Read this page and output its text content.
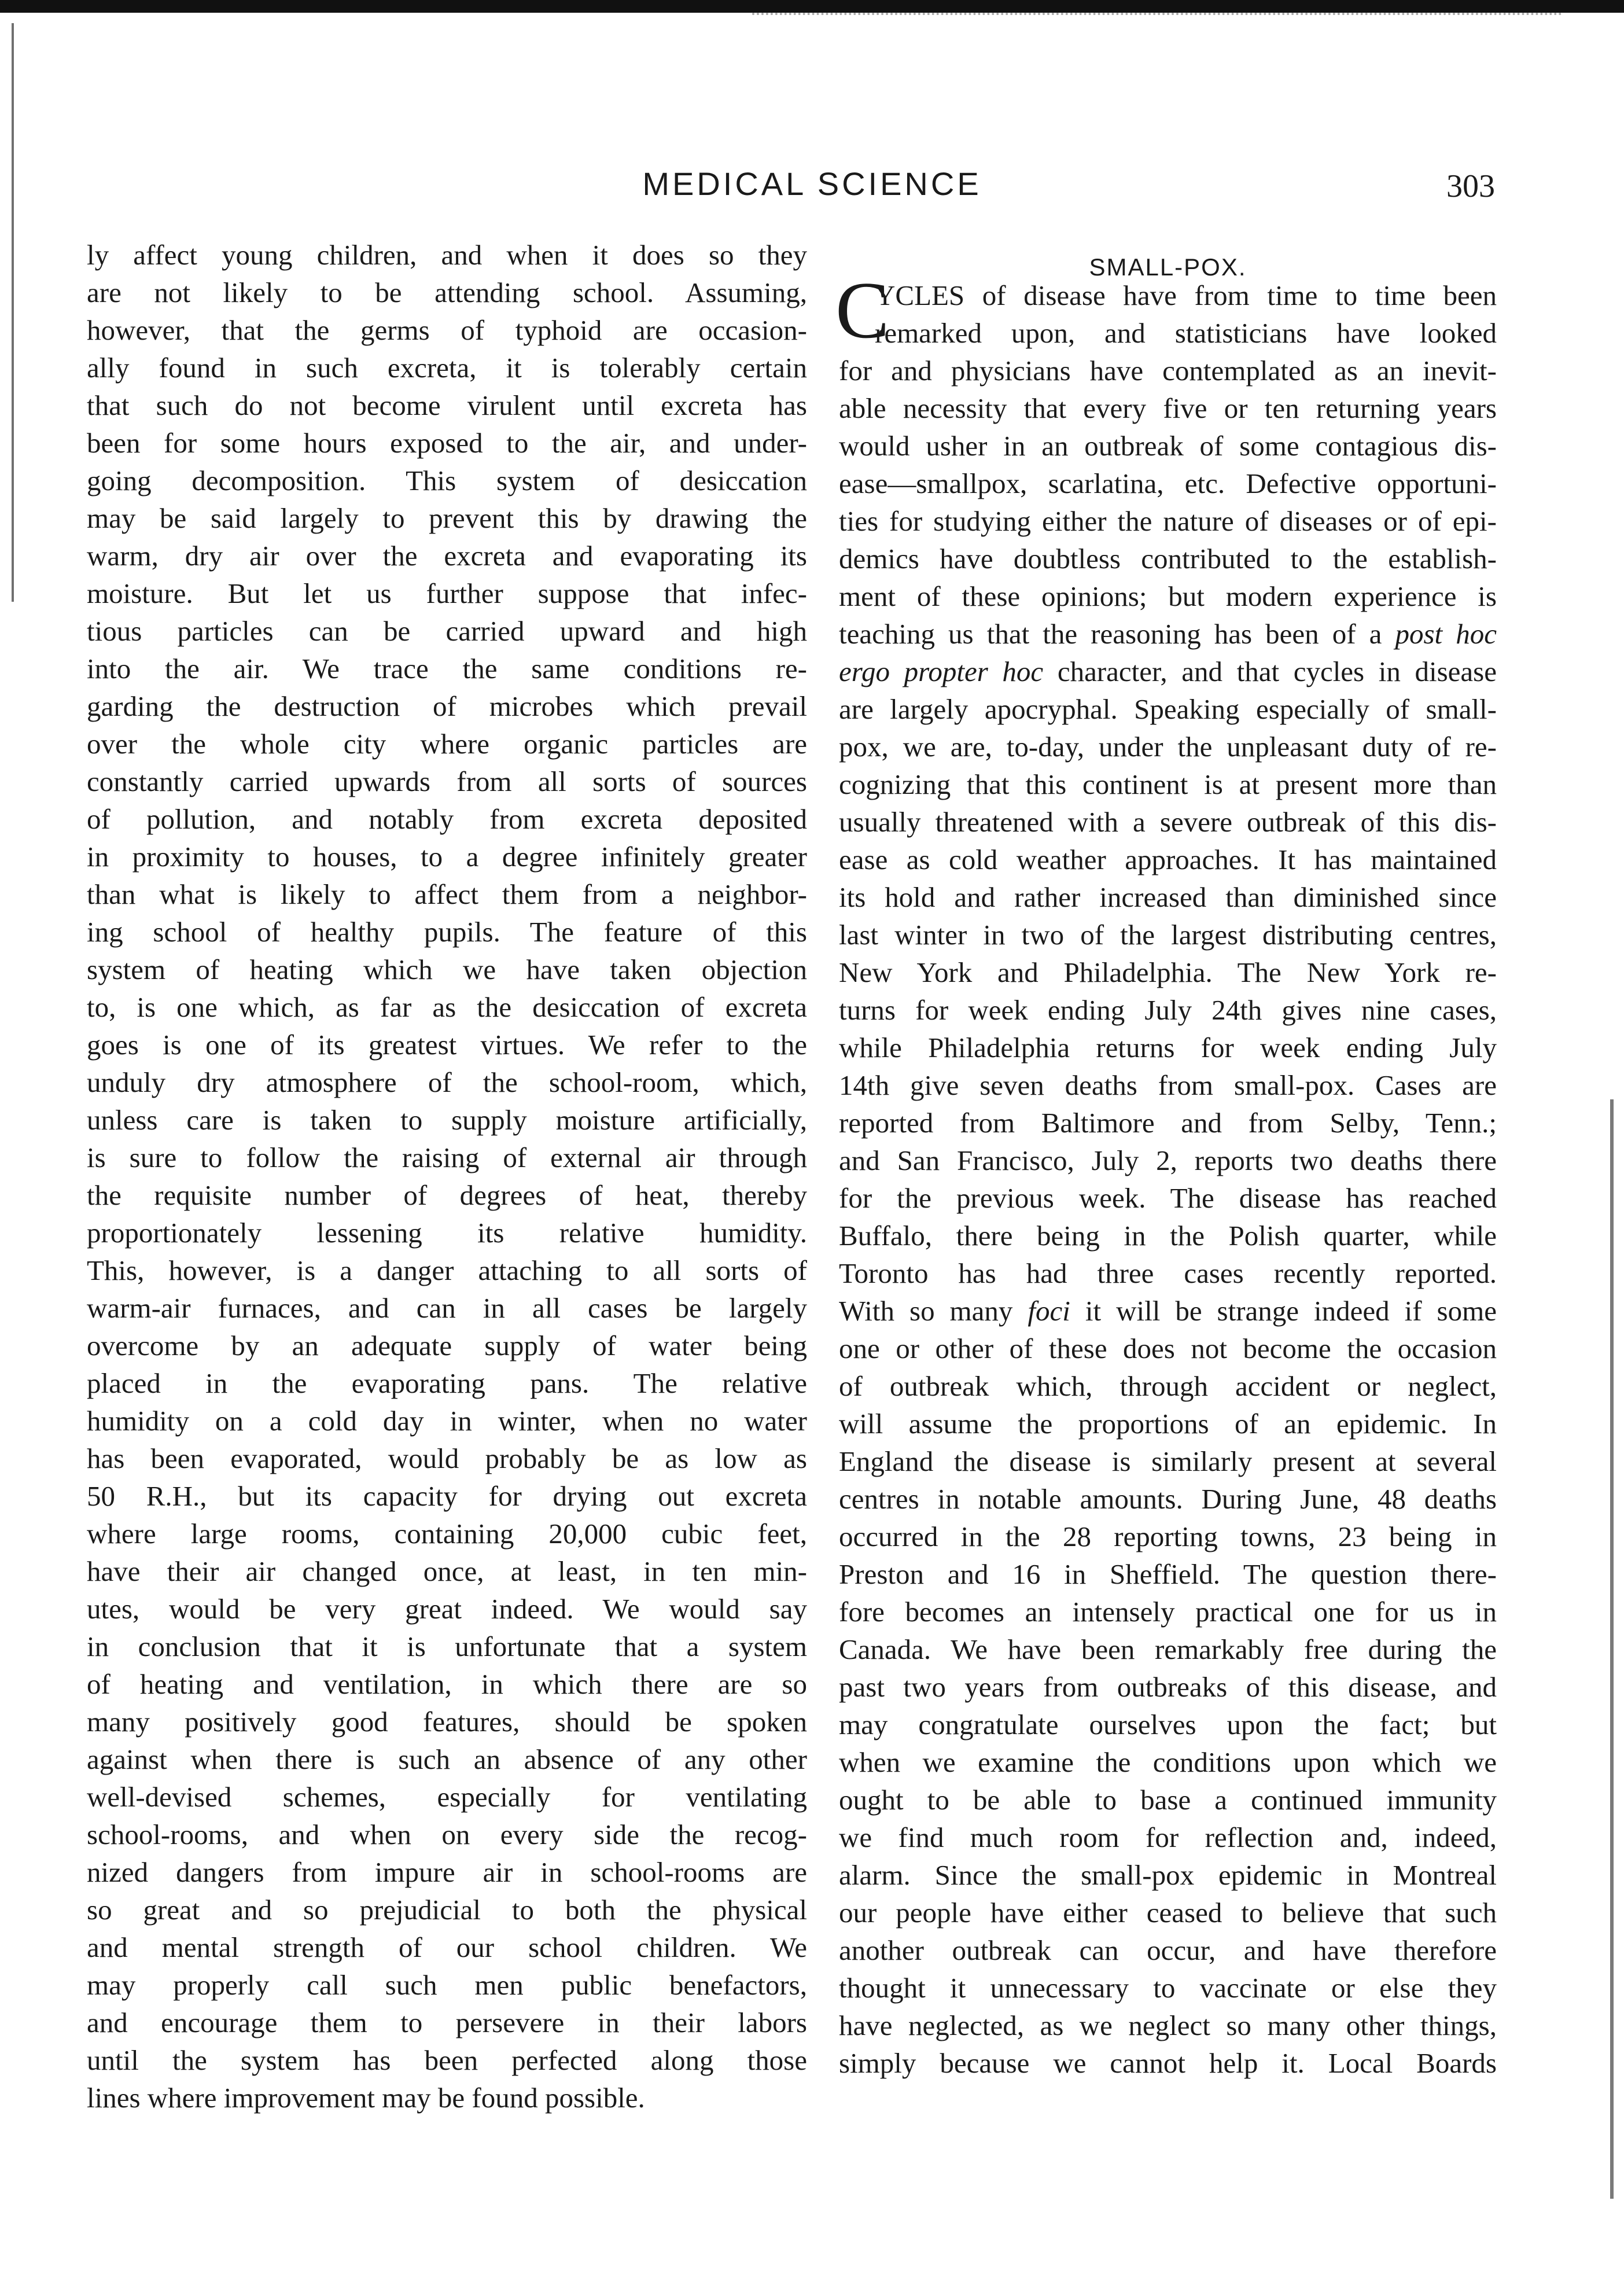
MEDICAL SCIENCE	303
ly affect young children, and when it does so they
are not likely to be attending school. Assuming,
however, that the germs of typhoid are occasion-
ally found in such excreta, it is tolerably certain
that such do not become virulent until excreta has
been for some hours exposed to the air, and under-
going decomposition. This system of desiccation
may be said largely to prevent this by drawing the
warm, dry air over the excreta and evaporating its
moisture. But let us further suppose that infec-
tious particles can be carried upward and high
into the air. We trace the same conditions re-
garding the destruction of microbes which prevail
over the whole city where organic particles are
constantly carried upwards from all sorts of sources
of pollution, and notably from excreta deposited
in proximity to houses, to a degree infinitely greater
than what is likely to affect them from a neighbor-
ing school of healthy pupils. The feature of this
system of heating which we have taken objection
to, is one which, as far as the desiccation of excreta
goes is one of its greatest virtues. We refer to the
unduly dry atmosphere of the school-room, which,
unless care is taken to supply moisture artificially,
is sure to follow the raising of external air through
the requisite number of degrees of heat, thereby
proportionately lessening its relative humidity.
This, however, is a danger attaching to all sorts of
warm-air furnaces, and can in all cases be largely
overcome by an adequate supply of water being
placed in the evaporating pans. The relative
humidity on a cold day in winter, when no water
has been evaporated, would probably be as low as
50 R.H., but its capacity for drying out excreta
where large rooms, containing 20,000 cubic feet,
have their air changed once, at least, in ten min-
utes, would be very great indeed. We would say
in conclusion that it is unfortunate that a system
of heating and ventilation, in which there are so
many positively good features, should be spoken
against when there is such an absence of any other
well-devised schemes, especially for ventilating
school-rooms, and when on every side the recog-
nized dangers from impure air in school-rooms are
so great and so prejudicial to both the physical
and mental strength of our school children. We
may properly call such men public benefactors,
and encourage them to persevere in their labors
until the system has been perfected along those
lines where improvement may be found possible.
SMALL-POX.
C
YCLES of disease have from time to time been
remarked upon, and statisticians have looked
for and physicians have contemplated as an inevit-
able necessity that every five or ten returning years
would usher in an outbreak of some contagious dis-
ease—smallpox, scarlatina, etc. Defective opportuni-
ties for studying either the nature of diseases or of epi-
demics have doubtless contributed to the establish-
ment of these opinions; but modern experience is
teaching us that the reasoning has been of a post hoc
ergo propter hoc character, and that cycles in disease
are largely apocryphal. Speaking especially of small-
pox, we are, to-day, under the unpleasant duty of re-
cognizing that this continent is at present more than
usually threatened with a severe outbreak of this dis-
ease as cold weather approaches. It has maintained
its hold and rather increased than diminished since
last winter in two of the largest distributing centres,
New York and Philadelphia. The New York re-
turns for week ending July 24th gives nine cases,
while Philadelphia returns for week ending July
14th give seven deaths from small-pox. Cases are
reported from Baltimore and from Selby, Tenn.;
and San Francisco, July 2, reports two deaths there
for the previous week. The disease has reached
Buffalo, there being in the Polish quarter, while
Toronto has had three cases recently reported.
With so many foci it will be strange indeed if some
one or other of these does not become the occasion
of outbreak which, through accident or neglect,
will assume the proportions of an epidemic. In
England the disease is similarly present at several
centres in notable amounts. During June, 48 deaths
occurred in the 28 reporting towns, 23 being in
Preston and 16 in Sheffield. The question there-
fore becomes an intensely practical one for us in
Canada. We have been remarkably free during the
past two years from outbreaks of this disease, and
may congratulate ourselves upon the fact; but
when we examine the conditions upon which we
ought to be able to base a continued immunity
we find much room for reflection and, indeed,
alarm. Since the small-pox epidemic in Montreal
our people have either ceased to believe that such
another outbreak can occur, and have therefore
thought it unnecessary to vaccinate or else they
have neglected, as we neglect so many other things,
simply because we cannot help it. Local Boards
